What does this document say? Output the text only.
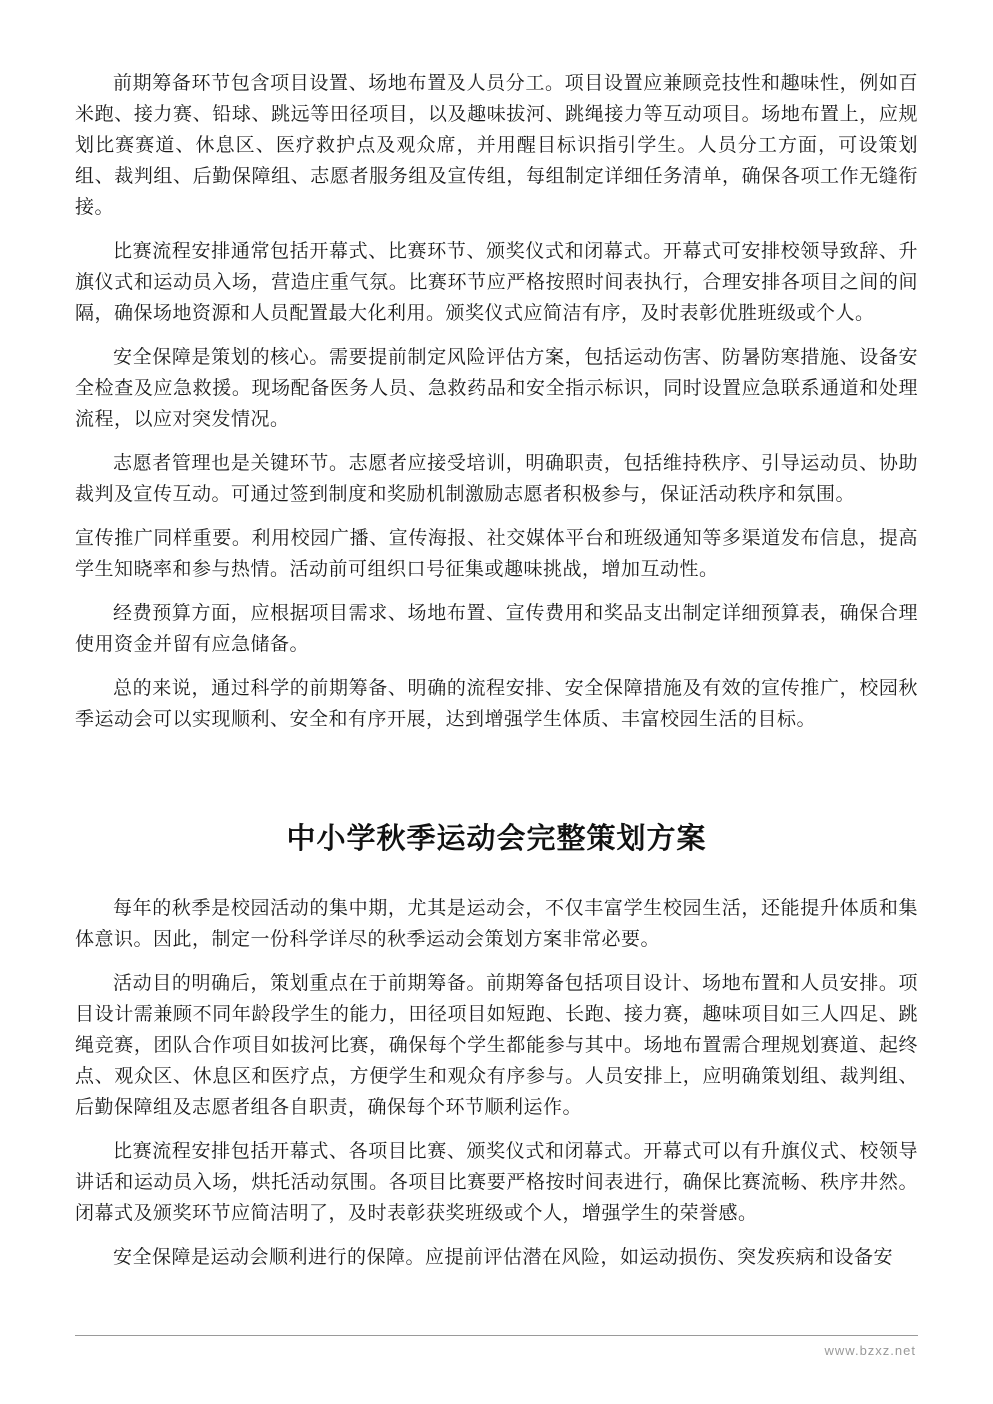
前期筹备环节包含项目设置、场地布置及人员分工。项目设置应兼顾竞技性和趣味性，例如百米跑、接力赛、铅球、跳远等田径项目，以及趣味拔河、跳绳接力等互动项目。场地布置上，应规划比赛赛道、休息区、医疗救护点及观众席，并用醒目标识指引学生。人员分工方面，可设策划组、裁判组、后勤保障组、志愿者服务组及宣传组，每组制定详细任务清单，确保各项工作无缝衔接。

比赛流程安排通常包括开幕式、比赛环节、颁奖仪式和闭幕式。开幕式可安排校领导致辞、升旗仪式和运动员入场，营造庄重气氛。比赛环节应严格按照时间表执行，合理安排各项目之间的间隔，确保场地资源和人员配置最大化利用。颁奖仪式应简洁有序，及时表彰优胜班级或个人。

安全保障是策划的核心。需要提前制定风险评估方案，包括运动伤害、防暑防寒措施、设备安全检查及应急救援。现场配备医务人员、急救药品和安全指示标识，同时设置应急联系通道和处理流程，以应对突发情况。

志愿者管理也是关键环节。志愿者应接受培训，明确职责，包括维持秩序、引导运动员、协助裁判及宣传互动。可通过签到制度和奖励机制激励志愿者积极参与，保证活动秩序和氛围。

宣传推广同样重要。利用校园广播、宣传海报、社交媒体平台和班级通知等多渠道发布信息，提高学生知晓率和参与热情。活动前可组织口号征集或趣味挑战，增加互动性。

经费预算方面，应根据项目需求、场地布置、宣传费用和奖品支出制定详细预算表，确保合理使用资金并留有应急储备。

总的来说，通过科学的前期筹备、明确的流程安排、安全保障措施及有效的宣传推广，校园秋季运动会可以实现顺利、安全和有序开展，达到增强学生体质、丰富校园生活的目标。

中小学秋季运动会完整策划方案

每年的秋季是校园活动的集中期，尤其是运动会，不仅丰富学生校园生活，还能提升体质和集体意识。因此，制定一份科学详尽的秋季运动会策划方案非常必要。

活动目的明确后，策划重点在于前期筹备。前期筹备包括项目设计、场地布置和人员安排。项目设计需兼顾不同年龄段学生的能力，田径项目如短跑、长跑、接力赛，趣味项目如三人四足、跳绳竞赛，团队合作项目如拔河比赛，确保每个学生都能参与其中。场地布置需合理规划赛道、起终点、观众区、休息区和医疗点，方便学生和观众有序参与。人员安排上，应明确策划组、裁判组、后勤保障组及志愿者组各自职责，确保每个环节顺利运作。

比赛流程安排包括开幕式、各项目比赛、颁奖仪式和闭幕式。开幕式可以有升旗仪式、校领导讲话和运动员入场，烘托活动氛围。各项目比赛要严格按时间表进行，确保比赛流畅、秩序井然。闭幕式及颁奖环节应简洁明了，及时表彰获奖班级或个人，增强学生的荣誉感。

安全保障是运动会顺利进行的保障。应提前评估潜在风险，如运动损伤、突发疾病和设备安

www.bzxz.net
